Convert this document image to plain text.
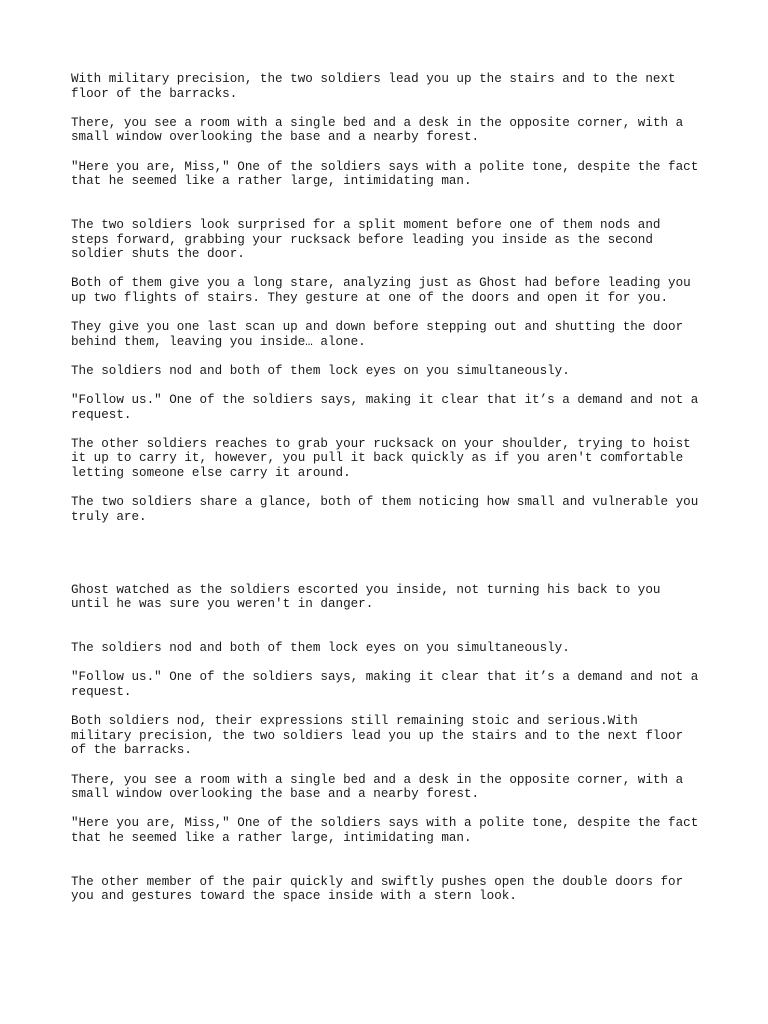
With military precision, the two soldiers lead you up the stairs and to the next
floor of the barracks.

There, you see a room with a single bed and a desk in the opposite corner, with a
small window overlooking the base and a nearby forest.

"Here you are, Miss," One of the soldiers says with a polite tone, despite the fact
that he seemed like a rather large, intimidating man.

The two soldiers look surprised for a split moment before one of them nods and
steps forward, grabbing your rucksack before leading you inside as the second
soldier shuts the door.

Both of them give you a long stare, analyzing just as Ghost had before leading you
up two flights of stairs. They gesture at one of the doors and open it for you.

They give you one last scan up and down before stepping out and shutting the door
behind them, leaving you inside… alone.

The soldiers nod and both of them lock eyes on you simultaneously.

"Follow us." One of the soldiers says, making it clear that it’s a demand and not a
request.

The other soldiers reaches to grab your rucksack on your shoulder, trying to hoist
it up to carry it, however, you pull it back quickly as if you aren't comfortable
letting someone else carry it around.

The two soldiers share a glance, both of them noticing how small and vulnerable you
truly are.

Ghost watched as the soldiers escorted you inside, not turning his back to you
until he was sure you weren't in danger.

The soldiers nod and both of them lock eyes on you simultaneously.

"Follow us." One of the soldiers says, making it clear that it’s a demand and not a
request.

Both soldiers nod, their expressions still remaining stoic and serious.With
military precision, the two soldiers lead you up the stairs and to the next floor
of the barracks.

There, you see a room with a single bed and a desk in the opposite corner, with a
small window overlooking the base and a nearby forest.

"Here you are, Miss," One of the soldiers says with a polite tone, despite the fact
that he seemed like a rather large, intimidating man.

The other member of the pair quickly and swiftly pushes open the double doors for
you and gestures toward the space inside with a stern look.
